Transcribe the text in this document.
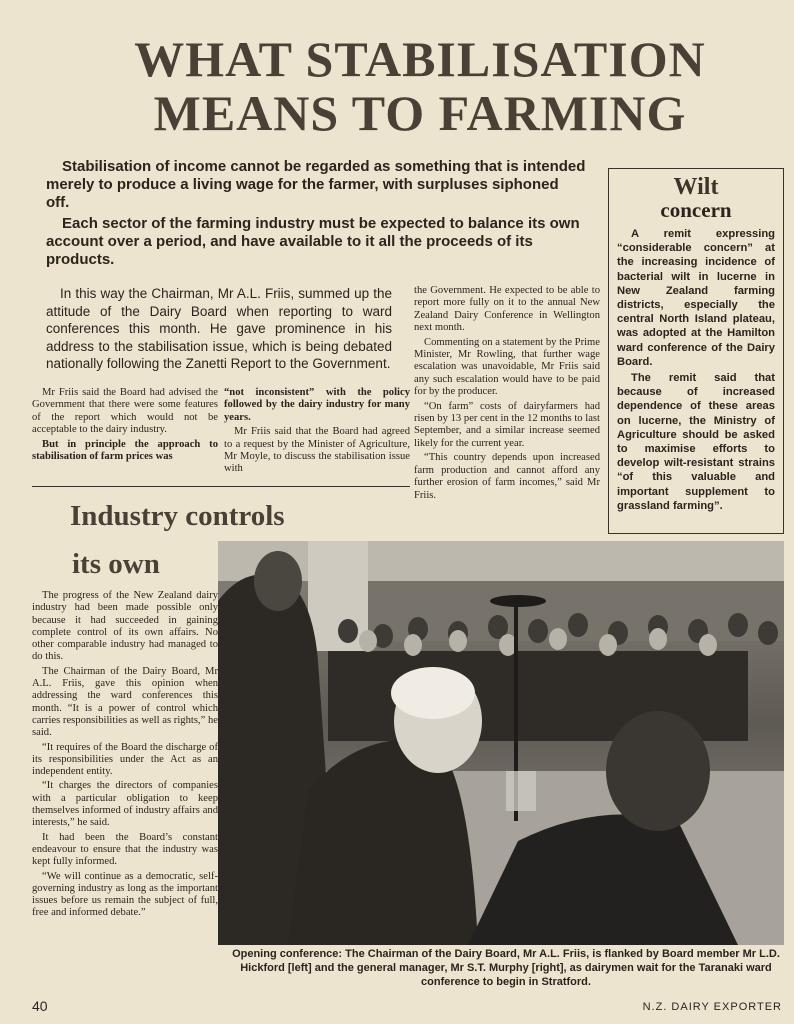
WHAT STABILISATION
MEANS TO FARMING
Stabilisation of income cannot be regarded as something that is intended merely to produce a living wage for the farmer, with surpluses siphoned off.
Each sector of the farming industry must be expected to balance its own account over a period, and have available to it all the proceeds of its products.
In this way the Chairman, Mr A.L. Friis, summed up the attitude of the Dairy Board when reporting to ward conferences this month. He gave prominence in his address to the stabilisation issue, which is being debated nationally following the Zanetti Report to the Government.

Mr Friis said the Board had advised the Government that there were some features of the report which would not be acceptable to the dairy industry.

But in principle the approach to stabilisation of farm prices was

“not inconsistent” with the policy followed by the dairy industry for many years.

Mr Friis said that the Board had agreed to a request by the Minister of Agriculture, Mr Moyle, to discuss the stabilisation issue with

the Government. He expected to be able to report more fully on it to the annual New Zealand Dairy Conference in Wellington next month.

Commenting on a statement by the Prime Minister, Mr Rowling, that further wage escalation was unavoidable, Mr Friis said any such escalation would have to be paid for by the producer.

“On farm” costs of dairyfarmers had risen by 13 per cent in the 12 months to last September, and a similar increase seemed likely for the current year.

“This country depends upon increased farm production and cannot afford any further erosion of farm incomes,” said Mr Friis.

Industry controls
its own

The progress of the New Zealand dairy industry had been made possible only because it had succeeded in gaining complete control of its own affairs. No other comparable industry had managed to do this.

The Chairman of the Dairy Board, Mr A.L. Friis, gave this opinion when addressing the ward conferences this month. “It is a power of control which carries responsibilities as well as rights,” he said.

“It requires of the Board the discharge of its responsibilities under the Act as an independent entity.

“It charges the directors of companies with a particular obligation to keep themselves informed of industry affairs and interests,” he said.

It had been the Board’s constant endeavour to ensure that the industry was kept fully informed.

“We will continue as a democratic, self-governing industry as long as the important issues before us remain the subject of full, free and informed debate.”

Wilt
concern

A remit expressing “considerable concern” at the increasing incidence of bacterial wilt in lucerne in New Zealand farming districts, especially the central North Island plateau, was adopted at the Hamilton ward conference of the Dairy Board.

The remit said that because of increased dependence of these areas on lucerne, the Ministry of Agriculture should be asked to maximise efforts to develop wilt-resistant strains “of this valuable and important supplement to grassland farming”.

Opening conference: The Chairman of the Dairy Board, Mr A.L. Friis, is flanked by Board member Mr L.D. Hickford [left] and the general manager, Mr S.T. Murphy [right], as dairymen wait for the Taranaki ward conference to begin in Stratford.
40	N.Z. DAIRY EXPORTER
